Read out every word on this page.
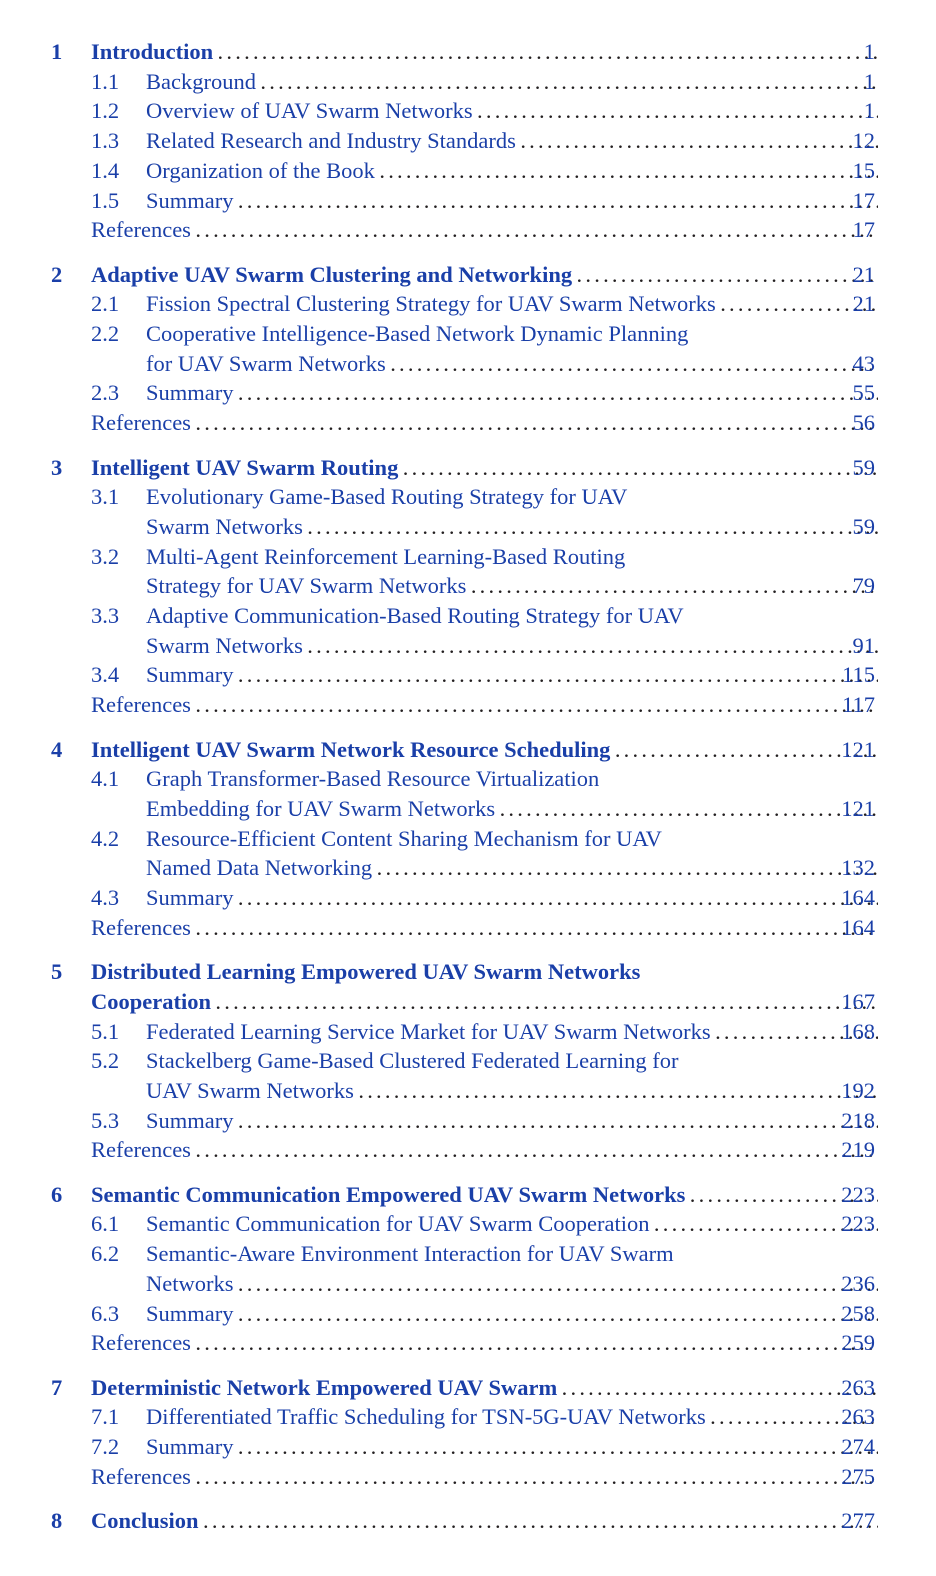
1 Introduction . . .	1
1.1 Background . . .	1
1.2 Overview of UAV Swarm Networks . . .	1
1.3 Related Research and Industry Standards . . .	12
1.4 Organization of the Book . . .	15
1.5 Summary . . .	17
References . . .	17
2 Adaptive UAV Swarm Clustering and Networking . . .	21
2.1 Fission Spectral Clustering Strategy for UAV Swarm Networks . . .	21
2.2 Cooperative Intelligence-Based Network Dynamic Planning
for UAV Swarm Networks . . .	43
2.3 Summary . . .	55
References . . .	56
3 Intelligent UAV Swarm Routing . . .	59
3.1 Evolutionary Game-Based Routing Strategy for UAV
Swarm Networks . . .	59
3.2 Multi-Agent Reinforcement Learning-Based Routing
Strategy for UAV Swarm Networks . . .	79
3.3 Adaptive Communication-Based Routing Strategy for UAV
Swarm Networks . . .	91
3.4 Summary . . .	115
References . . .	117
4 Intelligent UAV Swarm Network Resource Scheduling . . .	121
4.1 Graph Transformer-Based Resource Virtualization
Embedding for UAV Swarm Networks . . .	121
4.2 Resource-Efficient Content Sharing Mechanism for UAV
Named Data Networking . . .	132
4.3 Summary . . .	164
References . . .	164
5 Distributed Learning Empowered UAV Swarm Networks
Cooperation . . .	167
5.1 Federated Learning Service Market for UAV Swarm Networks . . .	168
5.2 Stackelberg Game-Based Clustered Federated Learning for
UAV Swarm Networks . . .	192
5.3 Summary . . .	218
References . . .	219
6 Semantic Communication Empowered UAV Swarm Networks . . .	223
6.1 Semantic Communication for UAV Swarm Cooperation . . .	223
6.2 Semantic-Aware Environment Interaction for UAV Swarm
Networks . . .	236
6.3 Summary . . .	258
References . . .	259
7 Deterministic Network Empowered UAV Swarm . . .	263
7.1 Differentiated Traffic Scheduling for TSN-5G-UAV Networks . . .	263
7.2 Summary . . .	274
References . . .	275
8 Conclusion . . .	277
